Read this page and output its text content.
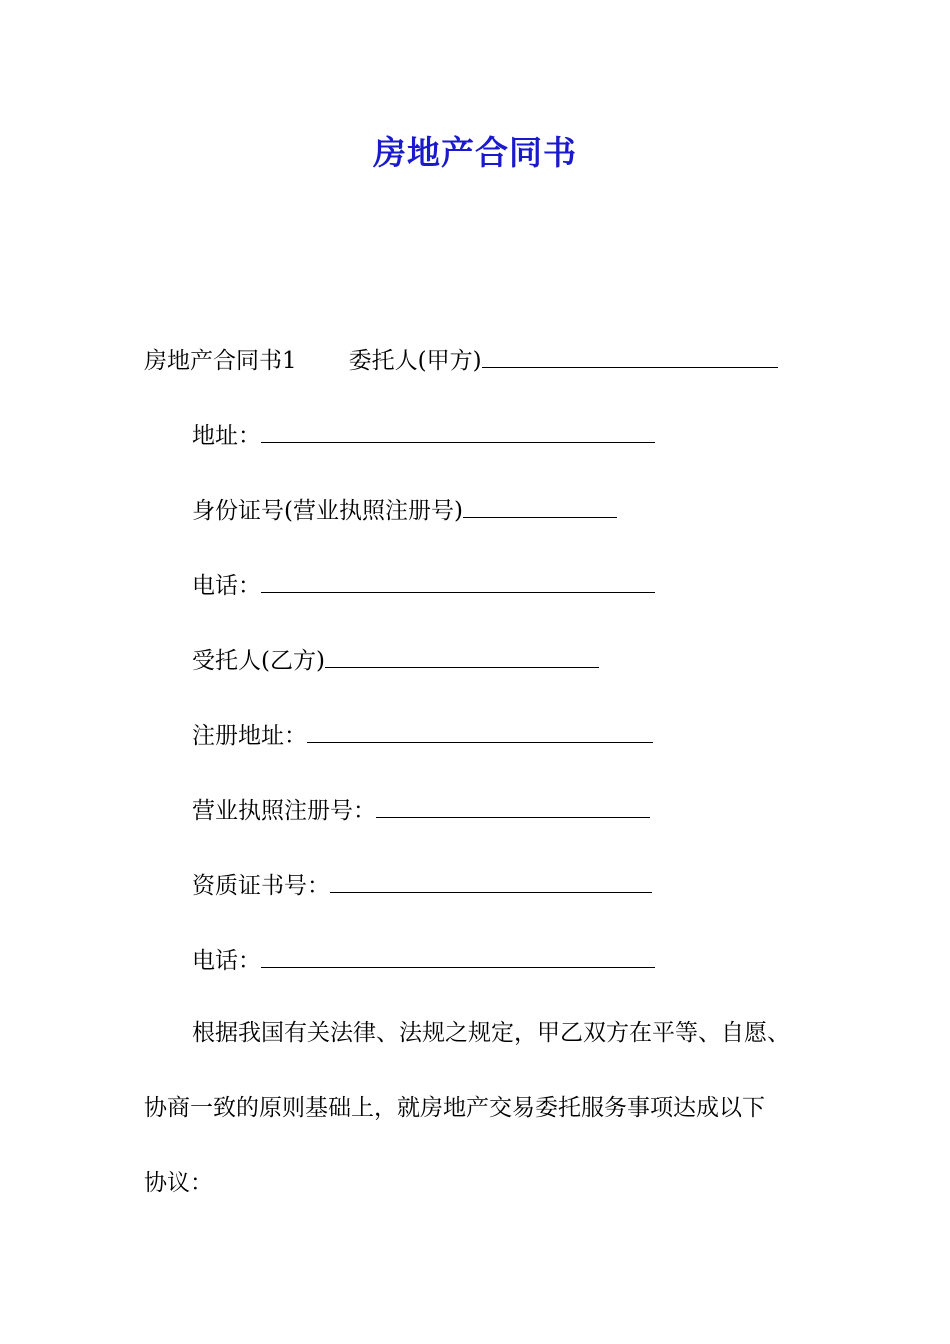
房地产合同书
房地产合同书1 委托人(甲方)
地址：
身份证号(营业执照注册号)
电话：
受托人(乙方)
注册地址：
营业执照注册号：
资质证书号：
电话：
根据我国有关法律、法规之规定，甲乙双方在平等、自愿、
协商一致的原则基础上，就房地产交易委托服务事项达成以下
协议：
